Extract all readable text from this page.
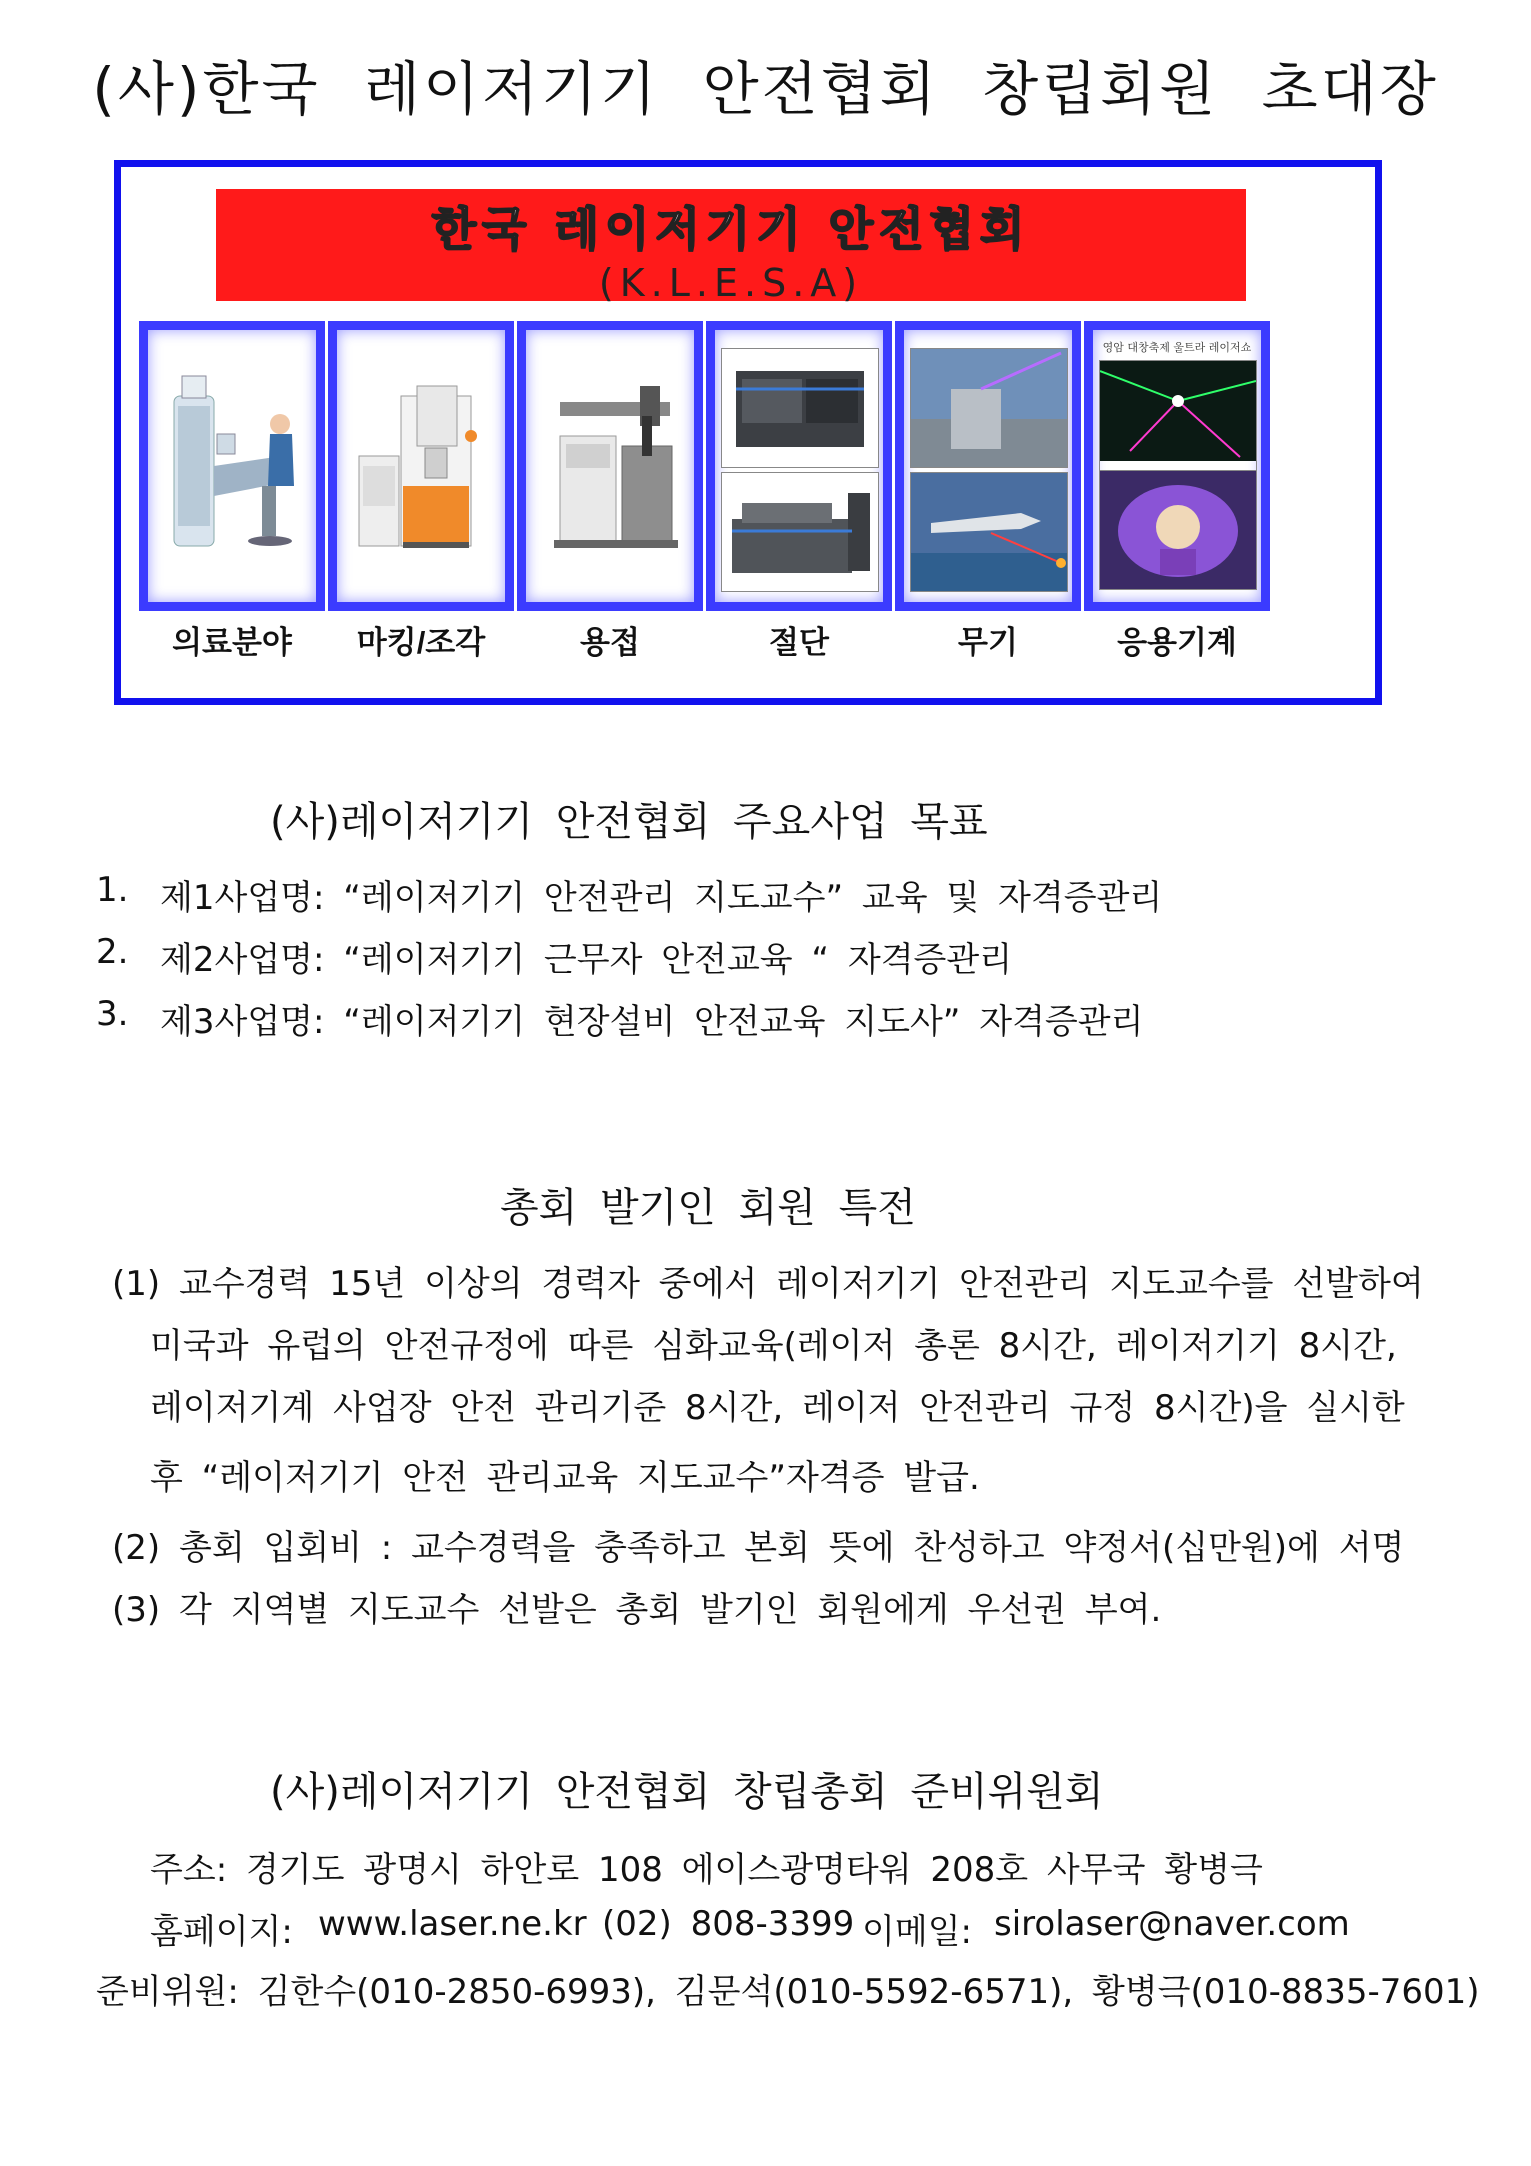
(사)한국 레이저기기 안전협회 창립회원 초대장
한국 레이저기기 안전협회
(K.L.E.S.A)
영암 대창축제 울트라 레이저쇼
의료분야	마킹/조각	용접	절단	무기	응용기계
(사)레이저기기 안전협회 주요사업 목표
1. 제1사업명: “레이저기기 안전관리 지도교수” 교육 및 자격증관리
2. 제2사업명: “레이저기기 근무자 안전교육 “ 자격증관리
3. 제3사업명: “레이저기기 현장설비 안전교육 지도사” 자격증관리
총회 발기인 회원 특전
(1) 교수경력 15년 이상의 경력자 중에서 레이저기기 안전관리 지도교수를 선발하여
미국과 유럽의 안전규정에 따른 심화교육(레이저 총론 8시간, 레이저기기 8시간,
레이저기계 사업장 안전 관리기준 8시간, 레이저 안전관리 규정 8시간)을 실시한
후 “레이저기기 안전 관리교육 지도교수”자격증 발급.
(2) 총회 입회비 : 교수경력을 충족하고 본회 뜻에 찬성하고 약정서(십만원)에 서명
(3) 각 지역별 지도교수 선발은 총회 발기인 회원에게 우선권 부여.
(사)레이저기기 안전협회 창립총회 준비위원회
주소: 경기도 광명시 하안로 108 에이스광명타워 208호 사무국 황병극
홈페이지: www.laser.ne.kr (02) 808-3399 이메일: sirolaser@naver.com
준비위원: 김한수(010-2850-6993), 김문석(010-5592-6571), 황병극(010-8835-7601)
